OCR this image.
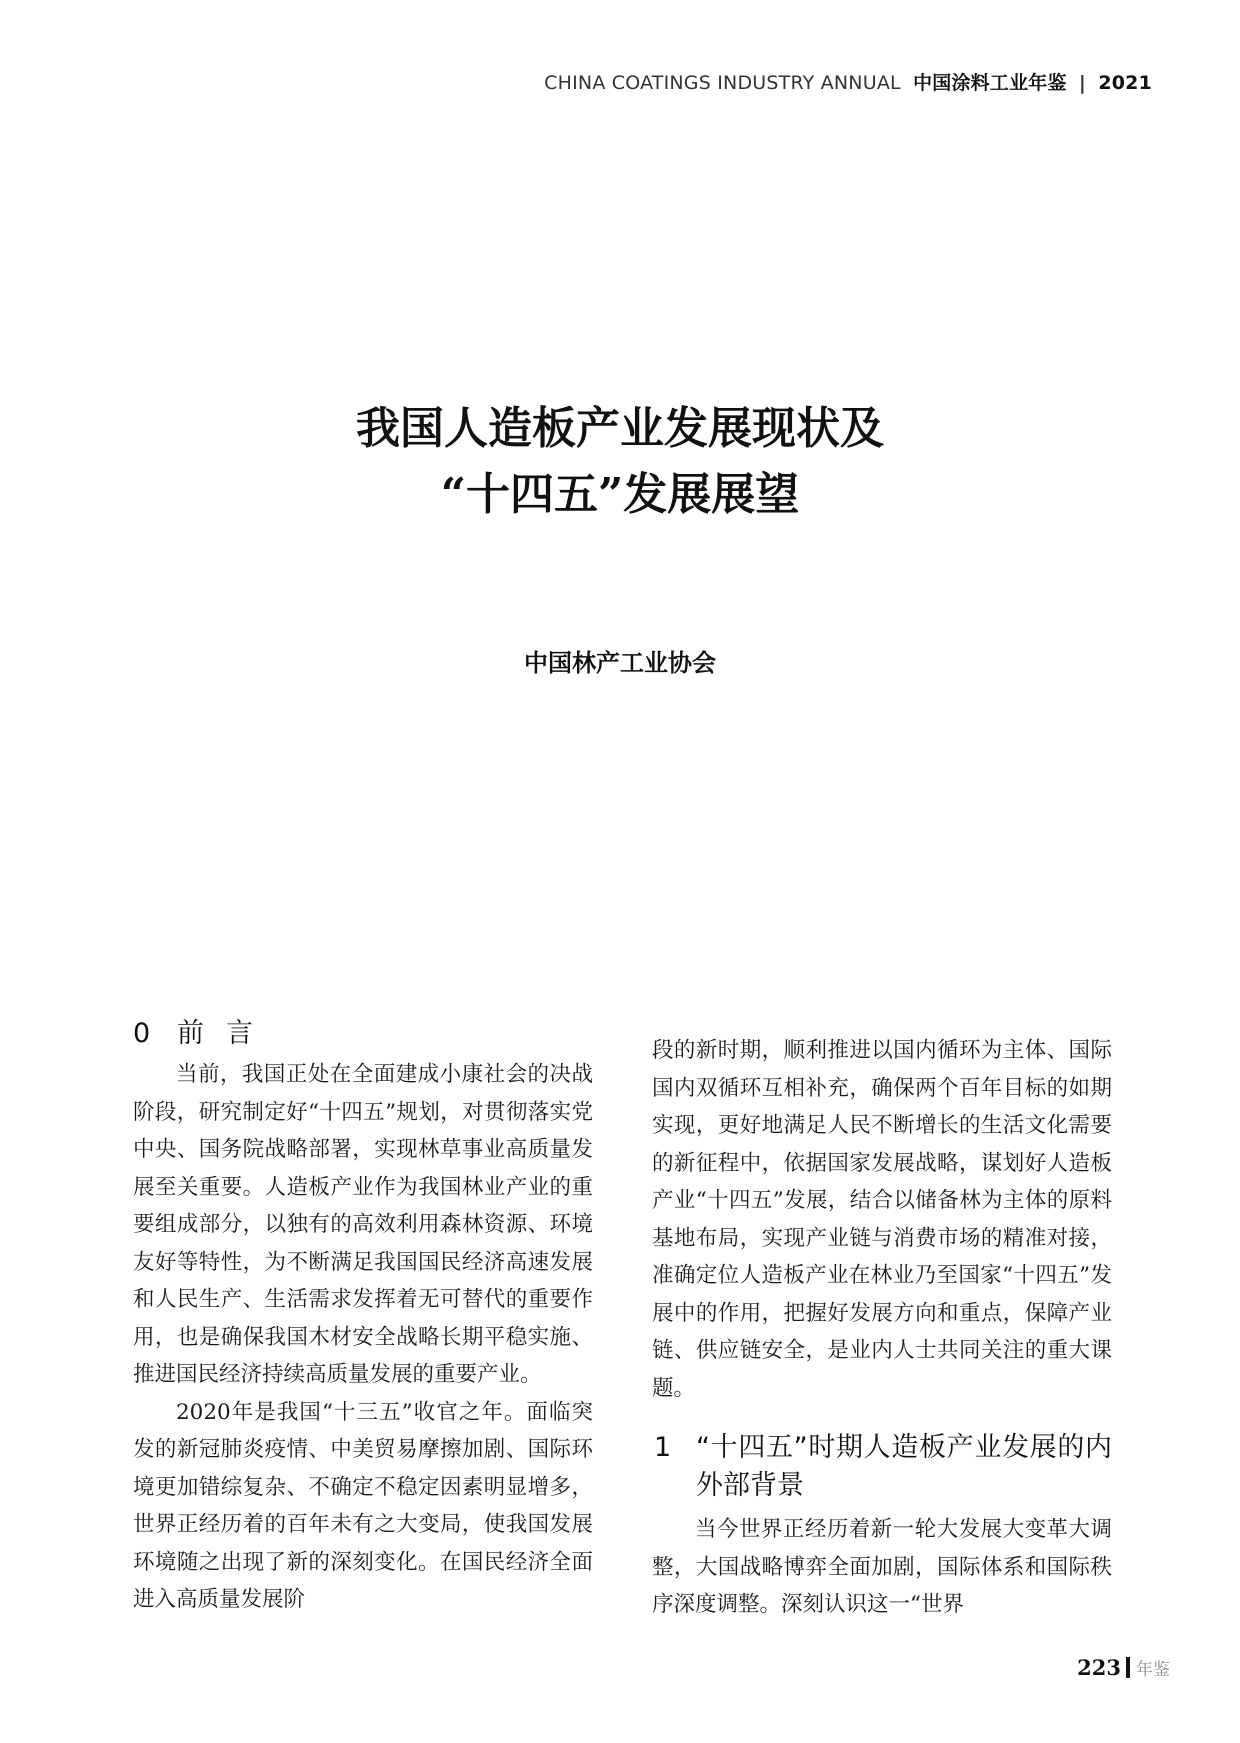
CHINA COATINGS INDUSTRY ANNUAL 中国涂料工业年鉴 | 2021
我国人造板产业发展现状及
“十四五”发展展望
中国林产工业协会
0 前言

当前，我国正处在全面建成小康社会的决战阶段，研究制定好“十四五”规划，对贯彻落实党中央、国务院战略部署，实现林草事业高质量发展至关重要。人造板产业作为我国林业产业的重要组成部分，以独有的高效利用森林资源、环境友好等特性，为不断满足我国国民经济高速发展和人民生产、生活需求发挥着无可替代的重要作用，也是确保我国木材安全战略长期平稳实施、推进国民经济持续高质量发展的重要产业。

2020年是我国“十三五”收官之年。面临突发的新冠肺炎疫情、中美贸易摩擦加剧、国际环境更加错综复杂、不确定不稳定因素明显增多，世界正经历着的百年未有之大变局，使我国发展环境随之出现了新的深刻变化。在国民经济全面进入高质量发展阶

段的新时期，顺利推进以国内循环为主体、国际国内双循环互相补充，确保两个百年目标的如期实现，更好地满足人民不断增长的生活文化需要的新征程中，依据国家发展战略，谋划好人造板产业“十四五”发展，结合以储备林为主体的原料基地布局，实现产业链与消费市场的精准对接，准确定位人造板产业在林业乃至国家“十四五”发展中的作用，把握好发展方向和重点，保障产业链、供应链安全，是业内人士共同关注的重大课题。

1 “十四五”时期人造板产业发展的内外部背景

当今世界正经历着新一轮大发展大变革大调整，大国战略博弈全面加剧，国际体系和国际秩序深度调整。深刻认识这一“世界

223 年鉴
